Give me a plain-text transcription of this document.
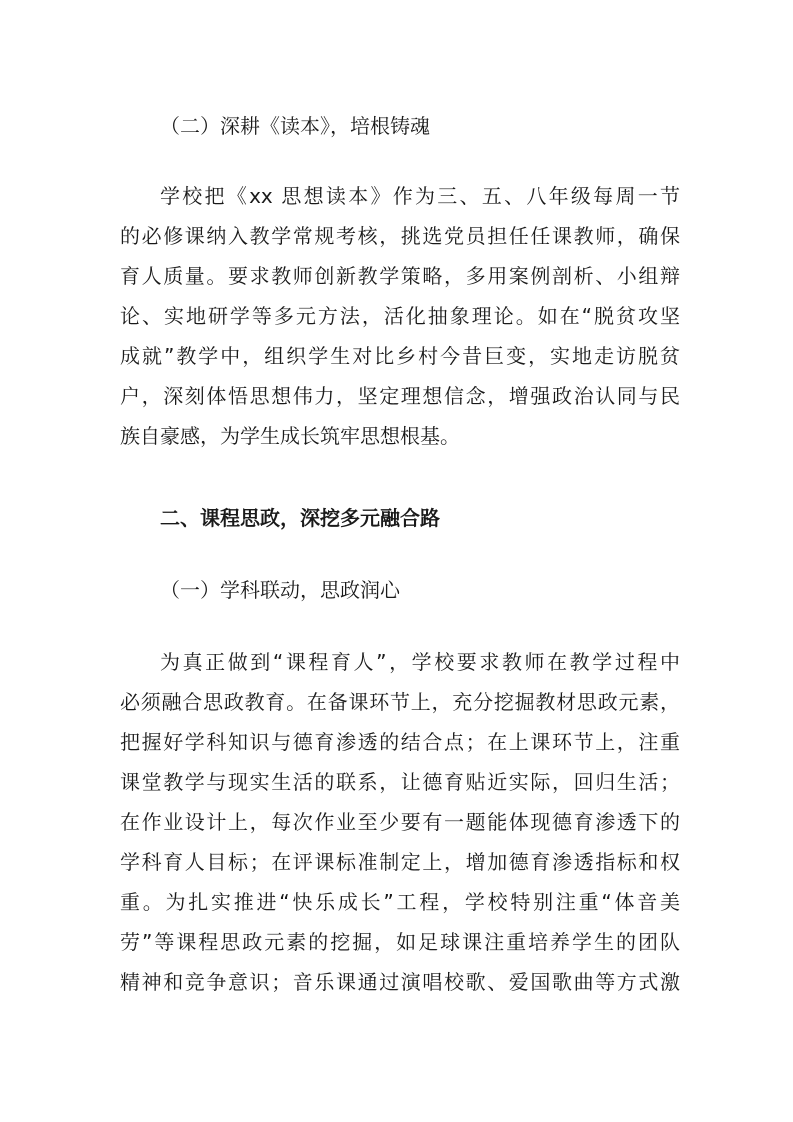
（二）深耕《读本》，培根铸魂
学校把《xx 思想读本》作为三、五、八年级每周一节
的必修课纳入教学常规考核，挑选党员担任任课教师，确保
育人质量。要求教师创新教学策略，多用案例剖析、小组辩
论、实地研学等多元方法，活化抽象理论。如在“脱贫攻坚
成就”教学中，组织学生对比乡村今昔巨变，实地走访脱贫
户，深刻体悟思想伟力，坚定理想信念，增强政治认同与民
族自豪感，为学生成长筑牢思想根基。
二、课程思政，深挖多元融合路
（一）学科联动，思政润心
为真正做到“课程育人”，学校要求教师在教学过程中
必须融合思政教育。在备课环节上，充分挖掘教材思政元素，
把握好学科知识与德育渗透的结合点；在上课环节上，注重
课堂教学与现实生活的联系，让德育贴近实际，回归生活；
在作业设计上，每次作业至少要有一题能体现德育渗透下的
学科育人目标；在评课标准制定上，增加德育渗透指标和权
重。为扎实推进“快乐成长”工程，学校特别注重“体音美
劳”等课程思政元素的挖掘，如足球课注重培养学生的团队
精神和竞争意识；音乐课通过演唱校歌、爱国歌曲等方式激
